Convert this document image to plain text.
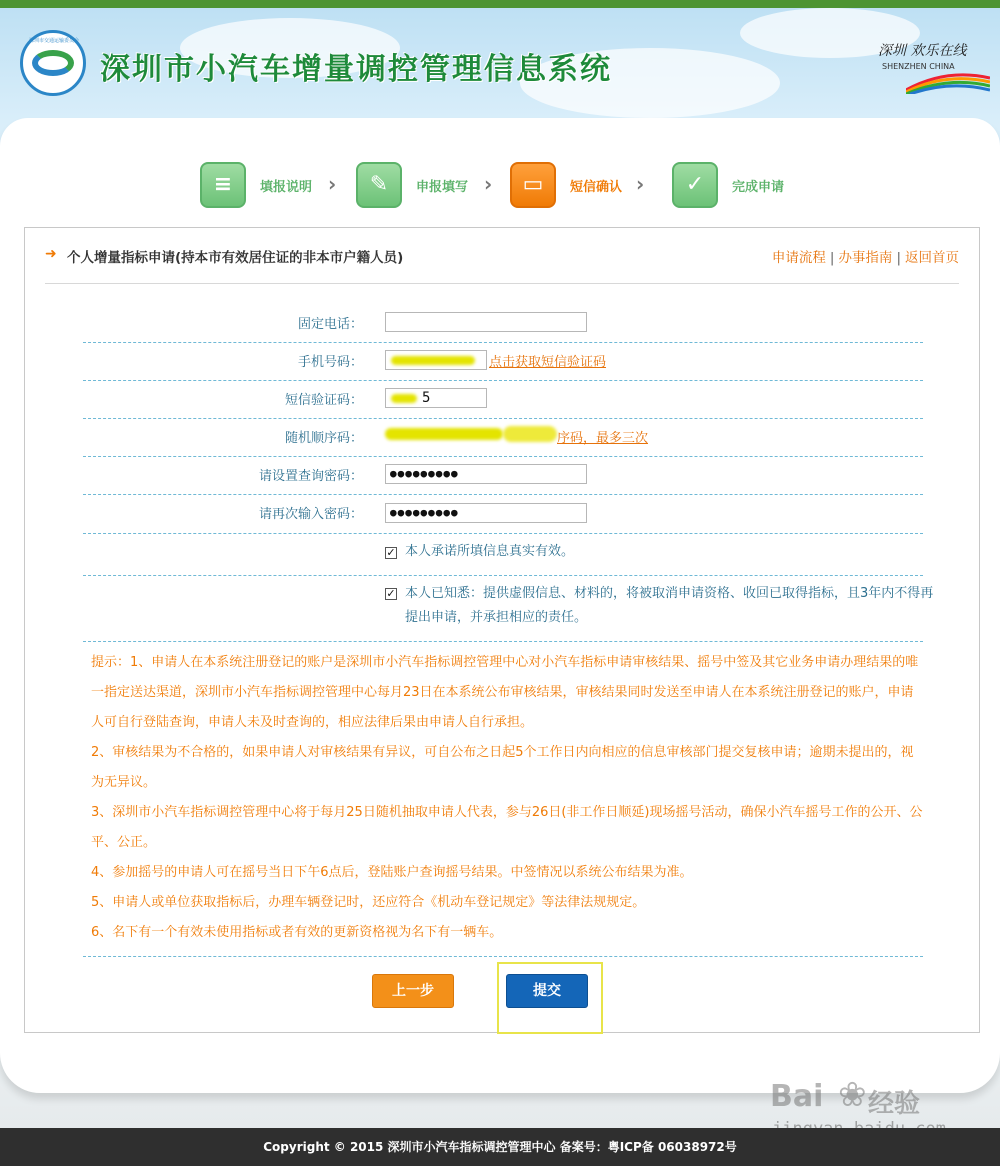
深圳市交通运输委员会
深圳市小汽车增量调控管理信息系统
深圳 欢乐在线
SHENZHEN CHINA
≡	填报说明 ›	✎	申报填写 ›	▭	短信确认 ›	✓	完成申请
➜ 个人增量指标申请(持本市有效居住证的非本市户籍人员)	申请流程 | 办事指南 | 返回首页
固定电话：
手机号码：	点击获取短信验证码
短信验证码：	5
随机顺序码：	序码，最多三次
请设置查询密码：	●●●●●●●●●
请再次输入密码：	●●●●●●●●●
✓ 本人承诺所填信息真实有效。
✓ 本人已知悉：提供虚假信息、材料的，将被取消申请资格、收回已取得指标，且3年内不得再提出申请，并承担相应的责任。

提示：1、申请人在本系统注册登记的账户是深圳市小汽车指标调控管理中心对小汽车指标申请审核结果、摇号中签及其它业务申请办理结果的唯一指定送达渠道，深圳市小汽车指标调控管理中心每月23日在本系统公布审核结果，审核结果同时发送至申请人在本系统注册登记的账户，申请人可自行登陆查询，申请人未及时查询的，相应法律后果由申请人自行承担。

2、审核结果为不合格的，如果申请人对审核结果有异议，可自公布之日起5个工作日内向相应的信息审核部门提交复核申请；逾期未提出的，视为无异议。

3、深圳市小汽车指标调控管理中心将于每月25日随机抽取申请人代表，参与26日(非工作日顺延)现场摇号活动，确保小汽车摇号工作的公开、公平、公正。

4、参加摇号的申请人可在摇号当日下午6点后，登陆账户查询摇号结果。中签情况以系统公布结果为准。

5、申请人或单位获取指标后，办理车辆登记时，还应符合《机动车登记规定》等法律法规规定。

6、名下有一个有效未使用指标或者有效的更新资格视为名下有一辆车。

上一步	提交
Bai ❀ 经验
Copyright © 2015 深圳市小汽车指标调控管理中心 备案号：粤ICP备 06038972号
